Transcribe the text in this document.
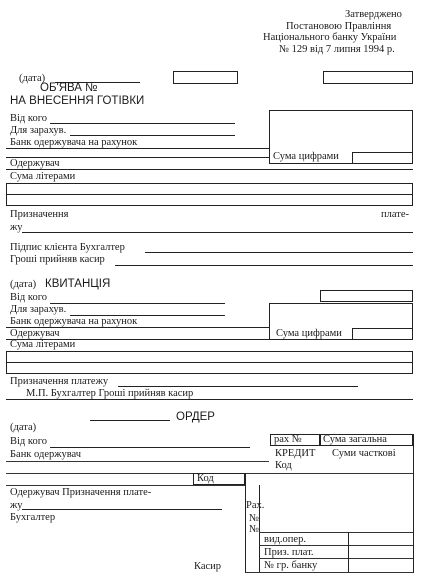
Затверджено
Постановою Правління
Національного банку України
№ 129 від 7 липня 1994 р.
(дата)
ОБ'ЯВА №
НА ВНЕСЕННЯ ГОТІВКИ
Від кого
Для зарахув.
Банк одержувача на рахунок
Сума цифрами
Одержувач
Сума літерами
Призначення	плате-
жу
Підпис клієнта Бухгалтер
Гроші прийняв касир
(дата) КВИТАНЦІЯ
Від кого
Для зарахув.
Банк одержувача на рахунок
Сума цифрами
Одержувач
Сума літерами
Призначення платежу
М.П. Бухгалтер Гроші прийняв касир
ОРДЕР
(дата)
Від кого
Банк одержувач
рах № Сума загальна
КРЕДИТ Суми часткові
Код
Код
Одержувач Призначення плате-
жу
Бухгалтер
Рах.
№
№
вид.опер.
Приз. плат.
№ гр. банку
Касир
